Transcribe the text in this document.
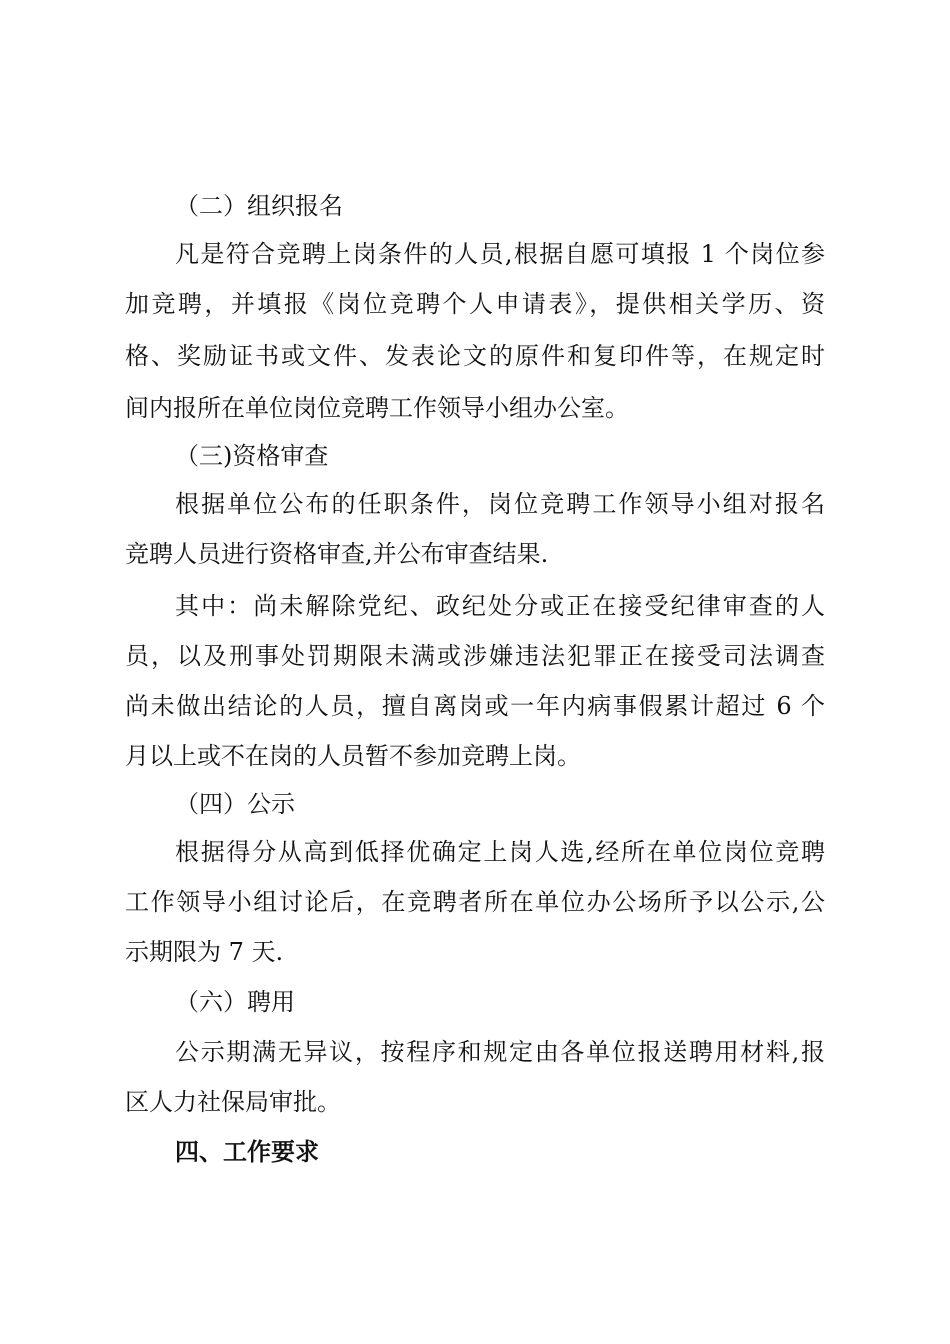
（二）组织报名
凡是符合竞聘上岗条件的人员,根据自愿可填报 1 个岗位参
加竞聘，并填报《岗位竞聘个人申请表》，提供相关学历、资
格、奖励证书或文件、发表论文的原件和复印件等，在规定时
间内报所在单位岗位竞聘工作领导小组办公室。
（三)资格审查
根据单位公布的任职条件，岗位竞聘工作领导小组对报名
竞聘人员进行资格审查,并公布审查结果.
其中：尚未解除党纪、政纪处分或正在接受纪律审查的人
员，以及刑事处罚期限未满或涉嫌违法犯罪正在接受司法调查
尚未做出结论的人员，擅自离岗或一年内病事假累计超过 6 个
月以上或不在岗的人员暂不参加竞聘上岗。
（四）公示
根据得分从高到低择优确定上岗人选,经所在单位岗位竞聘
工作领导小组讨论后，在竞聘者所在单位办公场所予以公示,公
示期限为 7 天.
（六）聘用
公示期满无异议，按程序和规定由各单位报送聘用材料,报
区人力社保局审批。
四、工作要求
